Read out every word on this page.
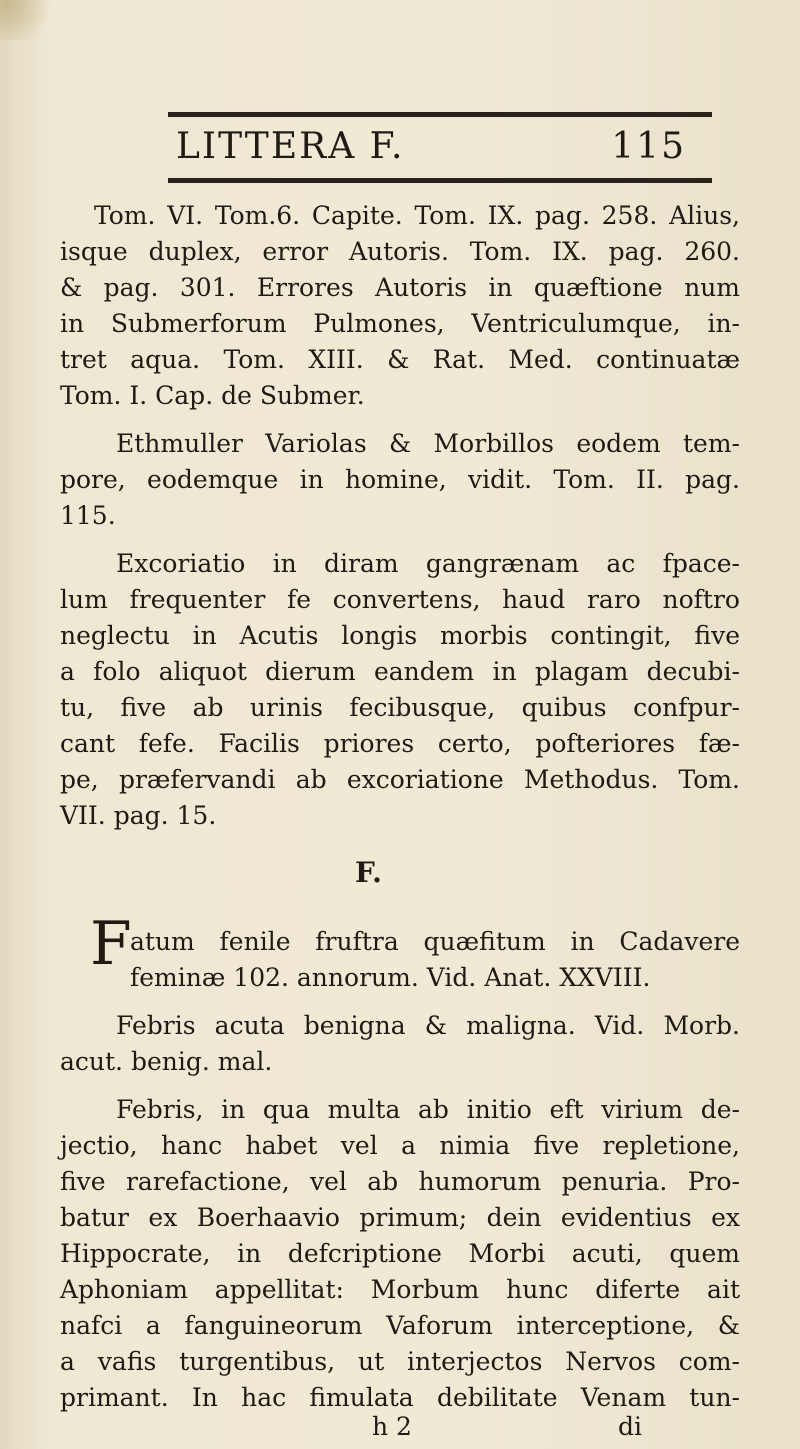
LITTERA F.	115
Tom. VI. Tom.6. Capite. Tom. IX. pag. 258. Alius,
isque duplex, error Autoris. Tom. IX. pag. 260.
& pag. 301. Errores Autoris in quæftione num
in Submerforum Pulmones, Ventriculumque, in-
tret aqua. Tom. XIII. & Rat. Med. continuatæ
Tom. I. Cap. de Submer.
Ethmuller Variolas & Morbillos eodem tem-
pore, eodemque in homine, vidit. Tom. II. pag.
115.
Excoriatio in diram gangrænam ac fpace-
lum frequenter fe convertens, haud raro noftro
neglectu in Acutis longis morbis contingit, five
a folo aliquot dierum eandem in plagam decubi-
tu, five ab urinis fecibusque, quibus confpur-
cant fefe. Facilis priores certo, pofteriores fæ-
pe, præfervandi ab excoriatione Methodus. Tom.
VII. pag. 15.
F.
F
atum fenile fruftra quæfitum in Cadavere
feminæ 102. annorum. Vid. Anat. XXVIII.
Febris acuta benigna & maligna. Vid. Morb.
acut. benig. mal.
Febris, in qua multa ab initio eft virium de-
jectio, hanc habet vel a nimia five repletione,
five rarefactione, vel ab humorum penuria. Pro-
batur ex Boerhaavio primum; dein evidentius ex
Hippocrate, in defcriptione Morbi acuti, quem
Aphoniam appellitat: Morbum hunc diferte ait
nafci a fanguineorum Vaforum interceptione, &
a vafis turgentibus, ut interjectos Nervos com-
primant. In hac fimulata debilitate Venam tun-
h 2	di
